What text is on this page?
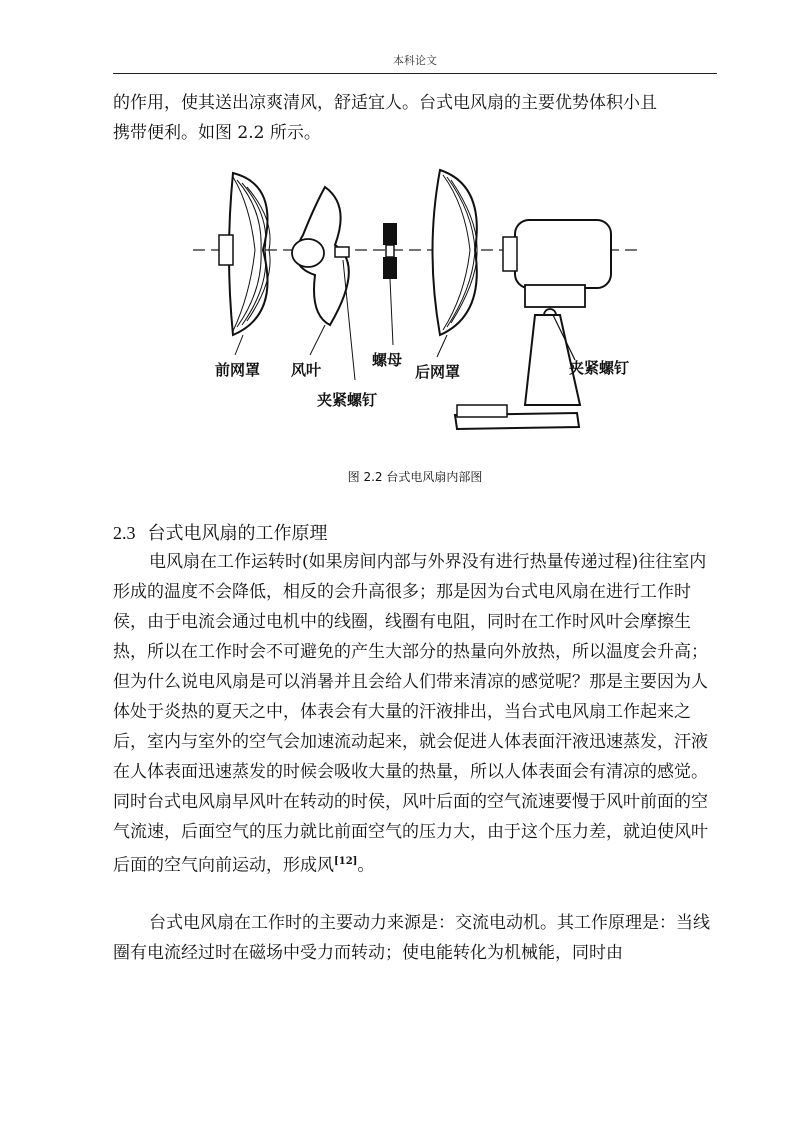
本科论文

的作用，使其送出凉爽清风，舒适宜人。台式电风扇的主要优势体积小且
携带便利。如图 2.2 所示。

前网罩 风叶
夹紧螺钉
螺母
后网罩	夹紧螺钉
图 2.2 台式电风扇内部图
2.3 台式电风扇的工作原理

电风扇在工作运转时(如果房间内部与外界没有进行热量传递过程)往往室内形成的温度不会降低，相反的会升高很多；那是因为台式电风扇在进行工作时侯，由于电流会通过电机中的线圈，线圈有电阻，同时在工作时风叶会摩擦生热，所以在工作时会不可避免的产生大部分的热量向外放热，所以温度会升高；但为什么说电风扇是可以消暑并且会给人们带来清凉的感觉呢？那是主要因为人体处于炎热的夏天之中，体表会有大量的汗液排出，当台式电风扇工作起来之后，室内与室外的空气会加速流动起来，就会促进人体表面汗液迅速蒸发，汗液在人体表面迅速蒸发的时候会吸收大量的热量，所以人体表面会有清凉的感觉。同时台式电风扇早风叶在转动的时侯，风叶后面的空气流速要慢于风叶前面的空气流速，后面空气的压力就比前面空气的压力大，由于这个压力差，就迫使风叶后面的空气向前运动，形成风[12]。

台式电风扇在工作时的主要动力来源是：交流电动机。其工作原理是：当线圈有电流经过时在磁场中受力而转动；使电能转化为机械能，同时由
